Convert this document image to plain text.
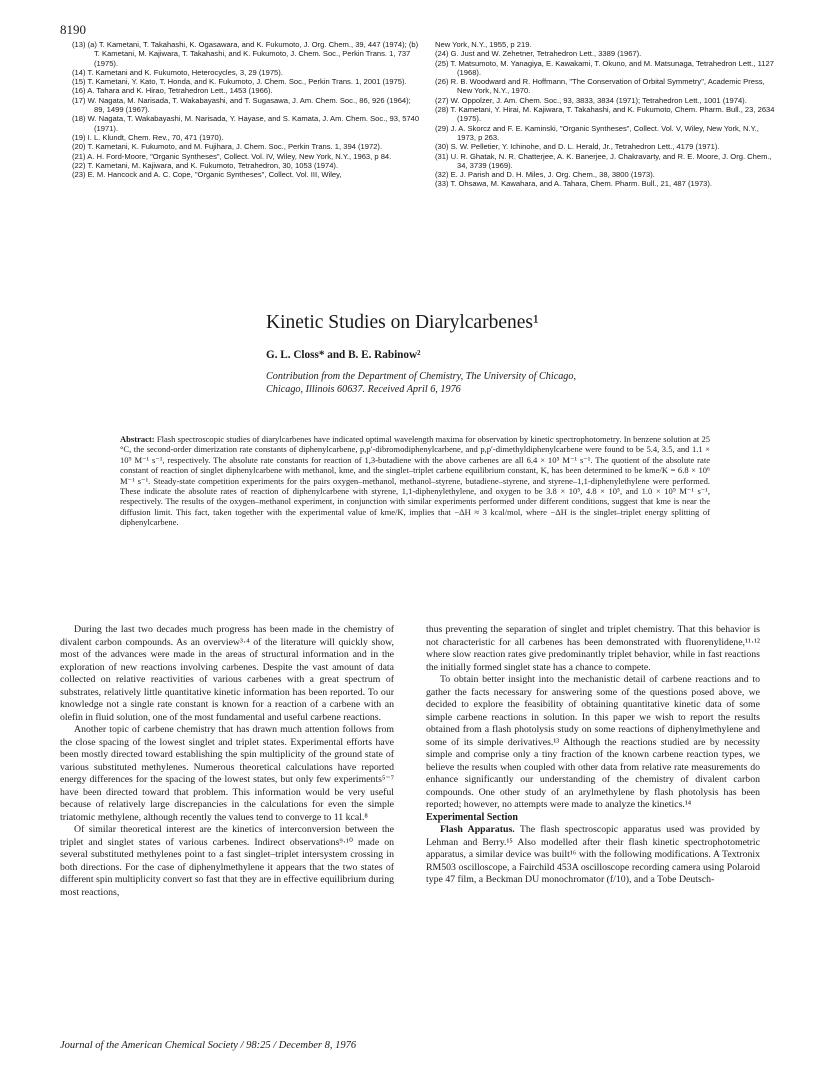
8190
(13) (a) T. Kametani, T. Takahashi, K. Ogasawara, and K. Fukumoto, J. Org. Chem., 39, 447 (1974); (b) T. Kametani, M. Kajiwara, T. Takahashi, and K. Fukumoto, J. Chem. Soc., Perkin Trans. 1, 737 (1975).
(14) T. Kametani and K. Fukumoto, Heterocycles, 3, 29 (1975).
(15) T. Kametani, Y. Kato, T. Honda, and K. Fukumoto, J. Chem. Soc., Perkin Trans. 1, 2001 (1975).
(16) A. Tahara and K. Hirao, Tetrahedron Lett., 1453 (1966).
(17) W. Nagata, M. Narisada, T. Wakabayashi, and T. Sugasawa, J. Am. Chem. Soc., 86, 926 (1964); 89, 1499 (1967).
(18) W. Nagata, T. Wakabayashi, M. Narisada, Y. Hayase, and S. Kamata, J. Am. Chem. Soc., 93, 5740 (1971).
(19) I. L. Klundt, Chem. Rev., 70, 471 (1970).
(20) T. Kametani, K. Fukumoto, and M. Fujihara, J. Chem. Soc., Perkin Trans. 1, 394 (1972).
(21) A. H. Ford-Moore, "Organic Syntheses", Collect. Vol. IV, Wiley, New York, N.Y., 1963, p 84.
(22) T. Kametani, M. Kajiwara, and K. Fukumoto, Tetrahedron, 30, 1053 (1974).
(23) E. M. Hancock and A. C. Cope, "Organic Syntheses", Collect. Vol. III, Wiley,
New York, N.Y., 1955, p 219.
(24) G. Just and W. Zehetner, Tetrahedron Lett., 3389 (1967).
(25) T. Matsumoto, M. Yanagiya, E. Kawakami, T. Okuno, and M. Matsunaga, Tetrahedron Lett., 1127 (1968).
(26) R. B. Woodward and R. Hoffmann, "The Conservation of Orbital Symmetry", Academic Press, New York, N.Y., 1970.
(27) W. Oppolzer, J. Am. Chem. Soc., 93, 3833, 3834 (1971); Tetrahedron Lett., 1001 (1974).
(28) T. Kametani, Y. Hirai, M. Kajiwara, T. Takahashi, and K. Fukumoto, Chem. Pharm. Bull., 23, 2634 (1975).
(29) J. A. Skorcz and F. E. Kaminski, "Organic Syntheses", Collect. Vol. V, Wiley, New York, N.Y., 1973, p 263.
(30) S. W. Pelletier, Y. Ichinohe, and D. L. Herald, Jr., Tetrahedron Lett., 4179 (1971).
(31) U. R. Ghatak, N. R. Chatterjee, A. K. Banerjee, J. Chakravarty, and R. E. Moore, J. Org. Chem., 34, 3739 (1969).
(32) E. J. Parish and D. H. Miles, J. Org. Chem., 38, 3800 (1973).
(33) T. Ohsawa, M. Kawahara, and A. Tahara, Chem. Pharm. Bull., 21, 487 (1973).
Kinetic Studies on Diarylcarbenes¹
G. L. Closs* and B. E. Rabinow²
Contribution from the Department of Chemistry, The University of Chicago,
Chicago, Illinois 60637. Received April 6, 1976
Abstract: Flash spectroscopic studies of diarylcarbenes have indicated optimal wavelength maxima for observation by kinetic spectrophotometry. In benzene solution at 25 °C, the second-order dimerization rate constants of diphenylcarbene, p,p′-dibromodiphenylcarbene, and p,p′-dimethyldiphenylcarbene were found to be 5.4, 3.5, and 1.1 × 10⁹ M⁻¹ s⁻¹, respectively. The absolute rate constants for reaction of 1,3-butadiene with the above carbenes are all 6.4 × 10⁵ M⁻¹ s⁻¹. The quotient of the absolute rate constant of reaction of singlet diphenylcarbene with methanol, kme, and the singlet–triplet carbene equilibrium constant, K, has been determined to be kme/K = 6.8 × 10⁶ M⁻¹ s⁻¹. Steady-state competition experiments for the pairs oxygen–methanol, methanol–styrene, butadiene–styrene, and styrene–1,1-diphenylethylene were performed. These indicate the absolute rates of reaction of diphenylcarbene with styrene, 1,1-diphenylethylene, and oxygen to be 3.8 × 10⁵, 4.8 × 10⁵, and 1.0 × 10⁹ M⁻¹ s⁻¹, respectively. The results of the oxygen–methanol experiment, in conjunction with similar experiments performed under different conditions, suggest that kme is near the diffusion limit. This fact, taken together with the experimental value of kme/K, implies that −ΔH ≈ 3 kcal/mol, where −ΔH is the singlet–triplet energy splitting of diphenylcarbene.

During the last two decades much progress has been made in the chemistry of divalent carbon compounds. As an overview³·⁴ of the literature will quickly show, most of the advances were made in the areas of structural information and in the exploration of new reactions involving carbenes. Despite the vast amount of data collected on relative reactivities of various carbenes with a great spectrum of substrates, relatively little quantitative kinetic information has been reported. To our knowledge not a single rate constant is known for a reaction of a carbene with an olefin in fluid solution, one of the most fundamental and useful carbene reactions.

Another topic of carbene chemistry that has drawn much attention follows from the close spacing of the lowest singlet and triplet states. Experimental efforts have been mostly directed toward establishing the spin multiplicity of the ground state of various substituted methylenes. Numerous theoretical calculations have reported energy differences for the spacing of the lowest states, but only few experiments⁵⁻⁷ have been directed toward that problem. This information would be very useful because of relatively large discrepancies in the calculations for even the simple triatomic methylene, although recently the values tend to converge to 11 kcal.⁸

Of similar theoretical interest are the kinetics of interconversion between the triplet and singlet states of various carbenes. Indirect observations⁹·¹⁰ made on several substituted methylenes point to a fast singlet–triplet intersystem crossing in both directions. For the case of diphenylmethylene it appears that the two states of different spin multiplicity convert so fast that they are in effective equilibrium during most reactions,

thus preventing the separation of singlet and triplet chemistry. That this behavior is not characteristic for all carbenes has been demonstrated with fluorenylidene,¹¹·¹² where slow reaction rates give predominantly triplet behavior, while in fast reactions the initially formed singlet state has a chance to compete.

To obtain better insight into the mechanistic detail of carbene reactions and to gather the facts necessary for answering some of the questions posed above, we decided to explore the feasibility of obtaining quantitative kinetic data of some simple carbene reactions in solution. In this paper we wish to report the results obtained from a flash photolysis study on some reactions of diphenylmethylene and some of its simple derivatives.¹³ Although the reactions studied are by necessity simple and comprise only a tiny fraction of the known carbene reaction types, we believe the results when coupled with other data from relative rate measurements do enhance significantly our understanding of the chemistry of divalent carbon compounds. One other study of an arylmethylene by flash photolysis has been reported; however, no attempts were made to analyze the kinetics.¹⁴

Experimental Section

Flash Apparatus. The flash spectroscopic apparatus used was provided by Lehman and Berry.¹⁵ Also modelled after their flash kinetic spectrophotometric apparatus, a similar device was built¹⁶ with the following modifications. A Textronix RM503 oscilloscope, a Fairchild 453A oscilloscope recording camera using Polaroid type 47 film, a Beckman DU monochromator (f/10), and a Tobe Deutsch-

Journal of the American Chemical Society / 98:25 / December 8, 1976
